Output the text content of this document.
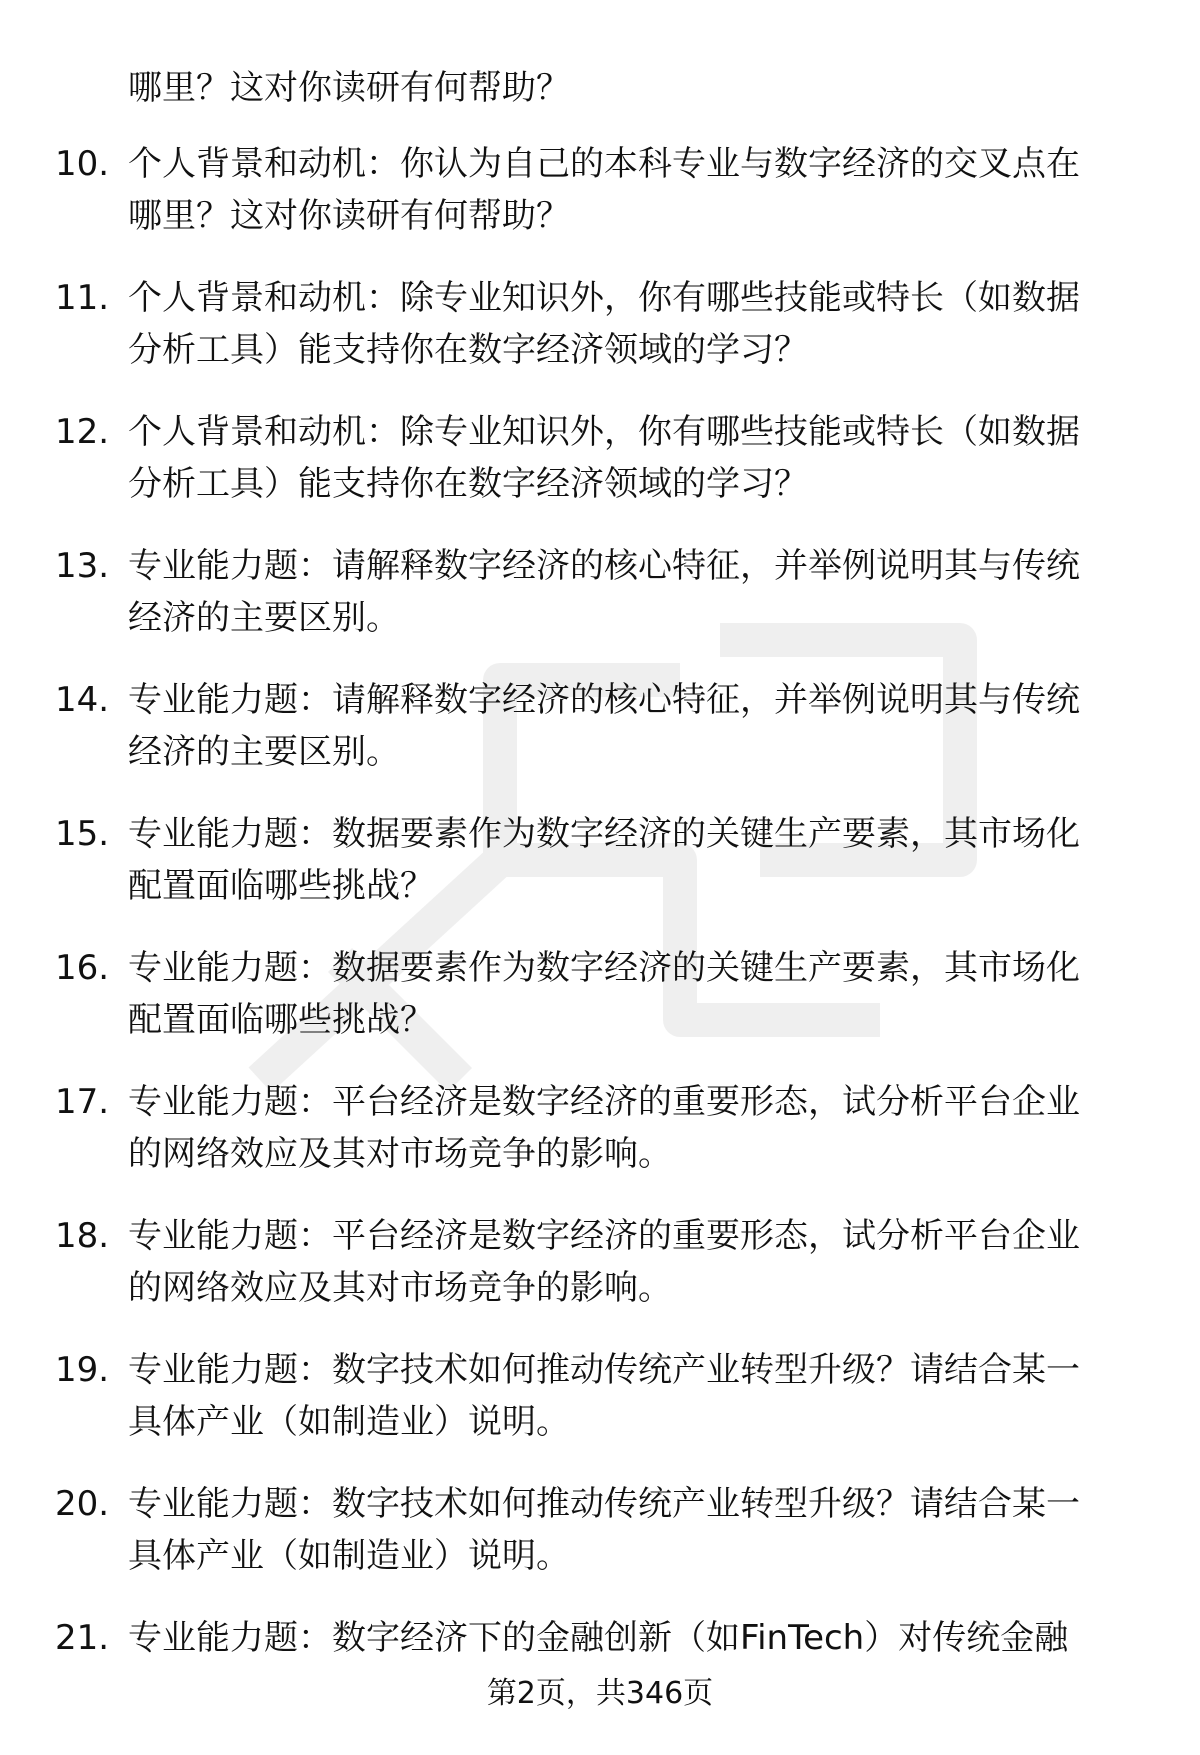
哪里？这对你读研有何帮助？

10. 个人背景和动机：你认为自己的本科专业与数字经济的交叉点在
哪里？这对你读研有何帮助？

11. 个人背景和动机：除专业知识外，你有哪些技能或特长（如数据
分析工具）能支持你在数字经济领域的学习？

12. 个人背景和动机：除专业知识外，你有哪些技能或特长（如数据
分析工具）能支持你在数字经济领域的学习？

13. 专业能力题：请解释数字经济的核心特征，并举例说明其与传统
经济的主要区别。

14. 专业能力题：请解释数字经济的核心特征，并举例说明其与传统
经济的主要区别。

15. 专业能力题：数据要素作为数字经济的关键生产要素，其市场化
配置面临哪些挑战？

16. 专业能力题：数据要素作为数字经济的关键生产要素，其市场化
配置面临哪些挑战？

17. 专业能力题：平台经济是数字经济的重要形态，试分析平台企业
的网络效应及其对市场竞争的影响。

18. 专业能力题：平台经济是数字经济的重要形态，试分析平台企业
的网络效应及其对市场竞争的影响。

19. 专业能力题：数字技术如何推动传统产业转型升级？请结合某一
具体产业（如制造业）说明。

20. 专业能力题：数字技术如何推动传统产业转型升级？请结合某一
具体产业（如制造业）说明。

21. 专业能力题：数字经济下的金融创新（如FinTech）对传统金融

第2页，共346页
